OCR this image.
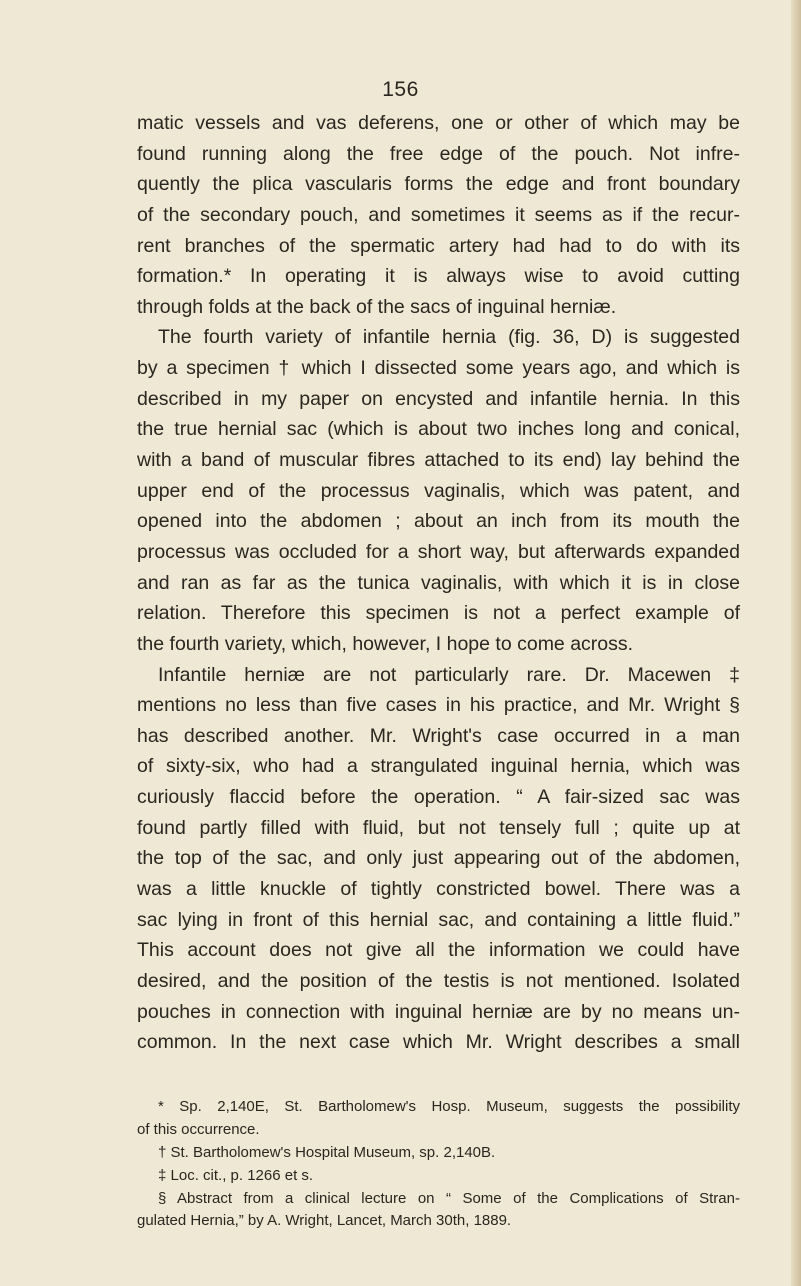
156
matic vessels and vas deferens, one or other of which may be
found running along the free edge of the pouch. Not infre-
quently the plica vascularis forms the edge and front boundary
of the secondary pouch, and sometimes it seems as if the recur-
rent branches of the spermatic artery had had to do with its
formation.* In operating it is always wise to avoid cutting
through folds at the back of the sacs of inguinal herniæ.
The fourth variety of infantile hernia (fig. 36, D) is suggested
by a specimen † which I dissected some years ago, and which is
described in my paper on encysted and infantile hernia. In this
the true hernial sac (which is about two inches long and conical,
with a band of muscular fibres attached to its end) lay behind the
upper end of the processus vaginalis, which was patent, and
opened into the abdomen ; about an inch from its mouth the
processus was occluded for a short way, but afterwards expanded
and ran as far as the tunica vaginalis, with which it is in close
relation. Therefore this specimen is not a perfect example of
the fourth variety, which, however, I hope to come across.
Infantile herniæ are not particularly rare. Dr. Macewen ‡
mentions no less than five cases in his practice, and Mr. Wright §
has described another. Mr. Wright's case occurred in a man
of sixty-six, who had a strangulated inguinal hernia, which was
curiously flaccid before the operation. “ A fair-sized sac was
found partly filled with fluid, but not tensely full ; quite up at
the top of the sac, and only just appearing out of the abdomen,
was a little knuckle of tightly constricted bowel. There was a
sac lying in front of this hernial sac, and containing a little fluid.”
This account does not give all the information we could have
desired, and the position of the testis is not mentioned. Isolated
pouches in connection with inguinal herniæ are by no means un-
common. In the next case which Mr. Wright describes a small
* Sp. 2,140E, St. Bartholomew's Hosp. Museum, suggests the possibility
of this occurrence.
† St. Bartholomew's Hospital Museum, sp. 2,140B.
‡ Loc. cit., p. 1266 et s.
§ Abstract from a clinical lecture on “ Some of the Complications of Stran-
gulated Hernia,” by A. Wright, Lancet, March 30th, 1889.
